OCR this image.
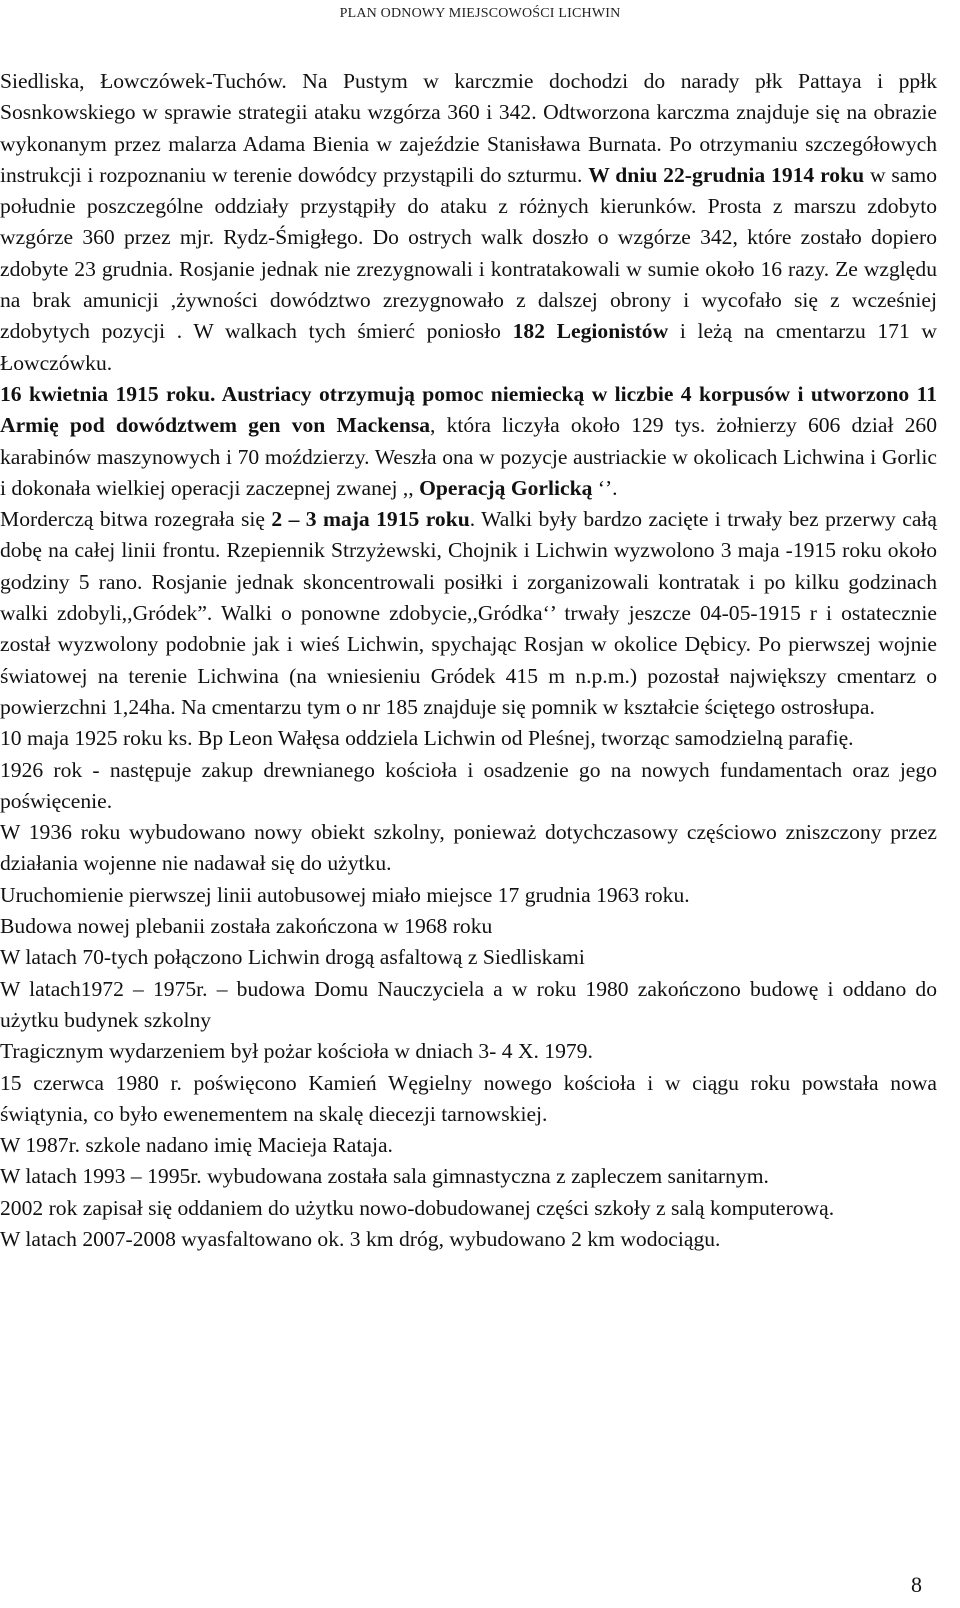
PLAN ODNOWY MIEJSCOWOŚCI LICHWIN

Siedliska, Łowczówek-Tuchów. Na Pustym w karczmie dochodzi do narady płk Pattaya i ppłk Sosnkowskiego w sprawie strategii ataku wzgórza 360 i 342. Odtworzona karczma znajduje się na obrazie wykonanym przez malarza Adama Bienia w zajeździe Stanisława Burnata. Po otrzymaniu szczegółowych instrukcji i rozpoznaniu w terenie dowódcy przystąpili do szturmu. W dniu 22-grudnia 1914 roku w samo południe poszczególne oddziały przystąpiły do ataku z różnych kierunków. Prosta z marszu zdobyto wzgórze 360 przez mjr. Rydz-Śmigłego. Do ostrych walk doszło o wzgórze 342, które zostało dopiero zdobyte 23 grudnia. Rosjanie jednak nie zrezygnowali i kontratakowali w sumie około 16 razy. Ze względu na brak amunicji ,żywności dowództwo zrezygnowało z dalszej obrony i wycofało się z wcześniej zdobytych pozycji . W walkach tych śmierć poniosło 182 Legionistów i leżą na cmentarzu 171 w Łowczówku.

16 kwietnia 1915 roku. Austriacy otrzymują pomoc niemiecką w liczbie 4 korpusów i utworzono 11 Armię pod dowództwem gen von Mackensa, która liczyła około 129 tys. żołnierzy 606 dział 260 karabinów maszynowych i 70 moździerzy. Weszła ona w pozycje austriackie w okolicach Lichwina i Gorlic i dokonała wielkiej operacji zaczepnej zwanej ,, Operacją Gorlicką ‘’.

Morderczą bitwa rozegrała się 2 – 3 maja 1915 roku. Walki były bardzo zacięte i trwały bez przerwy całą dobę na całej linii frontu. Rzepiennik Strzyżewski, Chojnik i Lichwin wyzwolono 3 maja -1915 roku około godziny 5 rano. Rosjanie jednak skoncentrowali posiłki i zorganizowali kontratak i po kilku godzinach walki zdobyli,,Gródek”. Walki o ponowne zdobycie,,Gródka‘’ trwały jeszcze 04-05-1915 r i ostatecznie został wyzwolony podobnie jak i wieś Lichwin, spychając Rosjan w okolice Dębicy. Po pierwszej wojnie światowej na terenie Lichwina (na wniesieniu Gródek 415 m n.p.m.) pozostał największy cmentarz o powierzchni 1,24ha. Na cmentarzu tym o nr 185 znajduje się pomnik w kształcie ściętego ostrosłupa.

10 maja 1925 roku ks. Bp Leon Wałęsa oddziela Lichwin od Pleśnej, tworząc samodzielną parafię.

1926 rok - następuje zakup drewnianego kościoła i osadzenie go na nowych fundamentach oraz jego poświęcenie.

W 1936 roku wybudowano nowy obiekt szkolny, ponieważ dotychczasowy częściowo zniszczony przez działania wojenne nie nadawał się do użytku.

Uruchomienie pierwszej linii autobusowej miało miejsce 17 grudnia 1963 roku.

Budowa nowej plebanii została zakończona w 1968 roku

W latach 70-tych połączono Lichwin drogą asfaltową z Siedliskami

W latach1972 – 1975r. – budowa Domu Nauczyciela a w roku 1980 zakończono budowę i oddano do użytku budynek szkolny

Tragicznym wydarzeniem był pożar kościoła w dniach 3- 4 X. 1979.

15 czerwca 1980 r. poświęcono Kamień Węgielny nowego kościoła i w ciągu roku powstała nowa świątynia, co było ewenementem na skalę diecezji tarnowskiej.

W 1987r. szkole nadano imię Macieja Rataja.

W latach 1993 – 1995r. wybudowana została sala gimnastyczna z zapleczem sanitarnym.

2002 rok zapisał się oddaniem do użytku nowo-dobudowanej części szkoły z salą komputerową.

W latach 2007-2008 wyasfaltowano ok. 3 km dróg, wybudowano 2 km wodociągu.

8
